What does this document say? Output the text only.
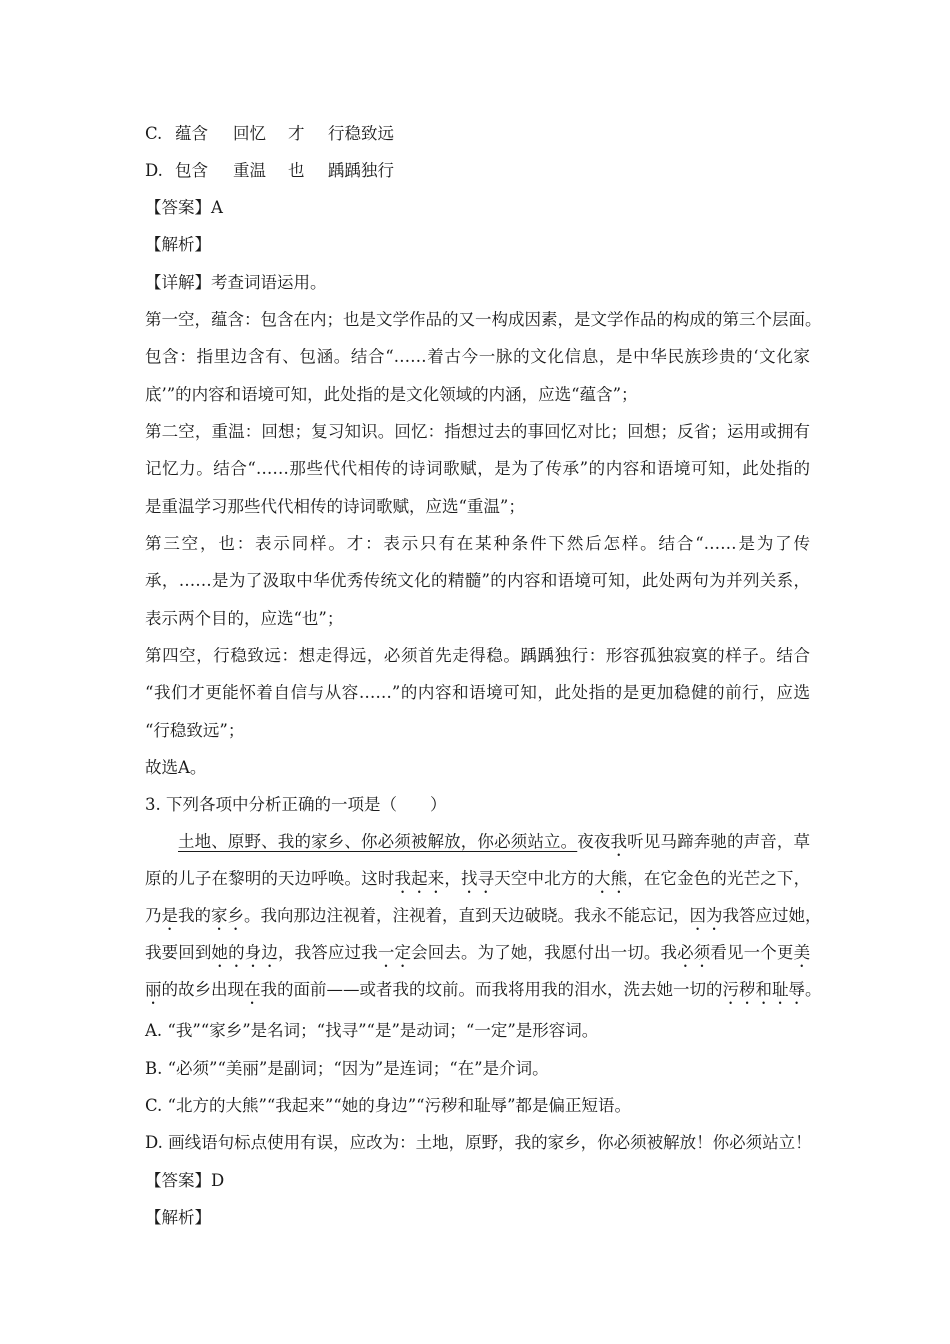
C. 蕴含 回忆 才 行稳致远
D. 包含 重温 也 踽踽独行
【答案】A
【解析】
【详解】考查词语运用。
第一空，蕴含：包含在内；也是文学作品的又一构成因素，是文学作品的构成的第三个层面。
包含：指里边含有、包涵。结合“……着古今一脉的文化信息，是中华民族珍贵的‘文化家
底’”的内容和语境可知，此处指的是文化领域的内涵，应选“蕴含”；
第二空，重温：回想；复习知识。回忆：指想过去的事回忆对比；回想；反省；运用或拥有
记忆力。结合“……那些代代相传的诗词歌赋，是为了传承”的内容和语境可知，此处指的
是重温学习那些代代相传的诗词歌赋，应选“重温”；
第三空，也：表示同样。才：表示只有在某种条件下然后怎样。结合“……是为了传
承，……是为了汲取中华优秀传统文化的精髓”的内容和语境可知，此处两句为并列关系，
表示两个目的，应选“也”；
第四空，行稳致远：想走得远，必须首先走得稳。踽踽独行：形容孤独寂寞的样子。结合
“我们才更能怀着自信与从容……”的内容和语境可知，此处指的是更加稳健的前行，应选
“行稳致远”；
故选A。
3. 下列各项中分析正确的一项是（　　）
土地、原野、我的家乡、你必须被解放，你必须站立。夜夜我听见马蹄奔驰的声音，草
原的儿子在黎明的天边呼唤。这时我起来，找寻天空中北方的大熊，在它金色的光芒之下，
乃是我的家乡。我向那边注视着，注视着，直到天边破晓。我永不能忘记，因为我答应过她，
我要回到她的身边，我答应过我一定会回去。为了她，我愿付出一切。我必须看见一个更美
丽的故乡出现在我的面前——或者我的坟前。而我将用我的泪水，洗去她一切的污秽和耻辱。
A. “我”“家乡”是名词；“找寻”“是”是动词；“一定”是形容词。
B. “必须”“美丽”是副词；“因为”是连词；“在”是介词。
C. “北方的大熊”“我起来”“她的身边”“污秽和耻辱”都是偏正短语。
D. 画线语句标点使用有误，应改为：土地，原野，我的家乡，你必须被解放！你必须站立！
【答案】D
【解析】
